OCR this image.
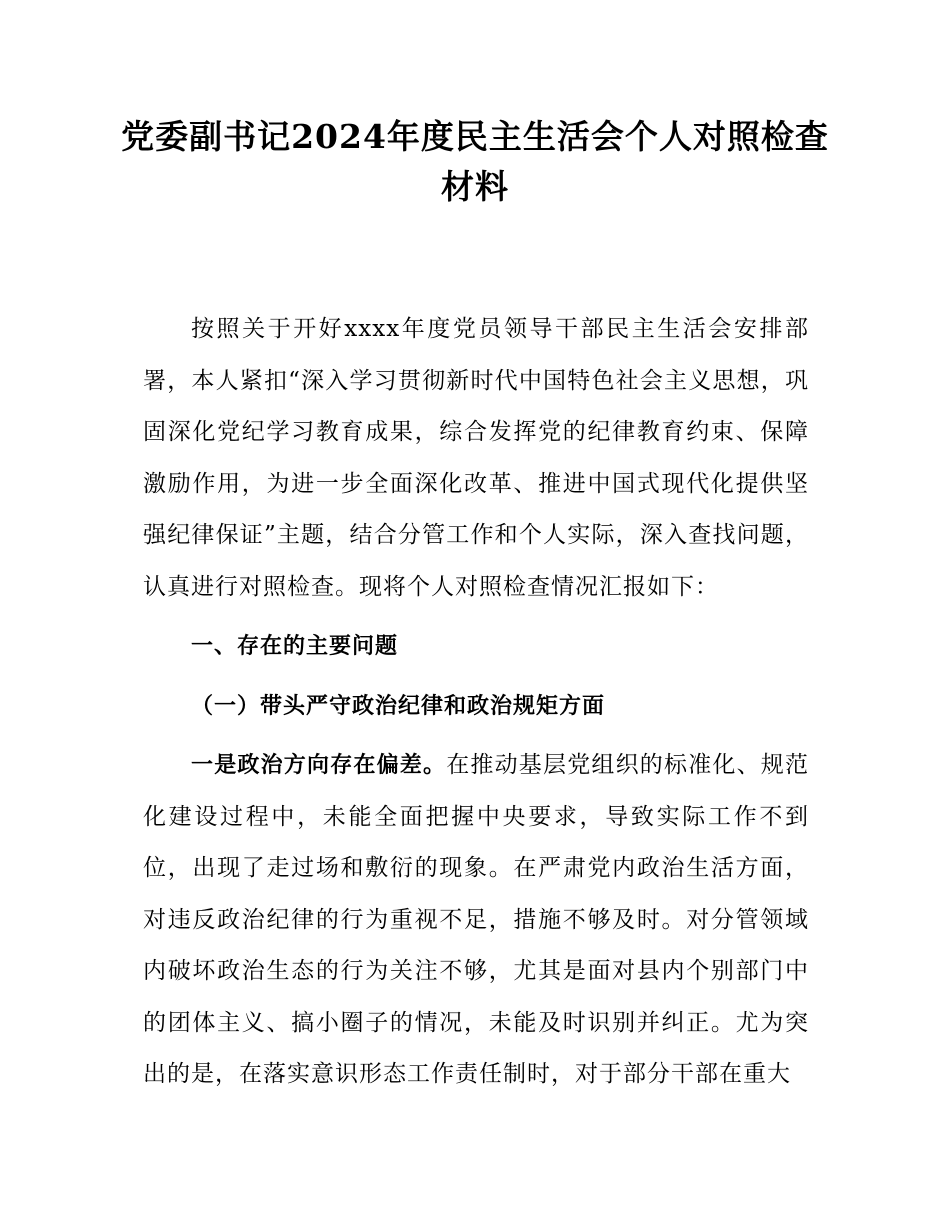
党委副书记2024年度民主生活会个人对照检查材料

按照关于开好xxxx年度党员领导干部民主生活会安排部署，本人紧扣“深入学习贯彻新时代中国特色社会主义思想，巩固深化党纪学习教育成果，综合发挥党的纪律教育约束、保障激励作用，为进一步全面深化改革、推进中国式现代化提供坚强纪律保证”主题，结合分管工作和个人实际，深入查找问题，认真进行对照检查。现将个人对照检查情况汇报如下：

一、存在的主要问题

（一）带头严守政治纪律和政治规矩方面

一是政治方向存在偏差。在推动基层党组织的标准化、规范化建设过程中，未能全面把握中央要求，导致实际工作不到位，出现了走过场和敷衍的现象。在严肃党内政治生活方面，对违反政治纪律的行为重视不足，措施不够及时。对分管领域内破坏政治生态的行为关注不够，尤其是面对县内个别部门中的团体主义、搞小圈子的情况，未能及时识别并纠正。尤为突出的是，在落实意识形态工作责任制时，对于部分干部在重大
